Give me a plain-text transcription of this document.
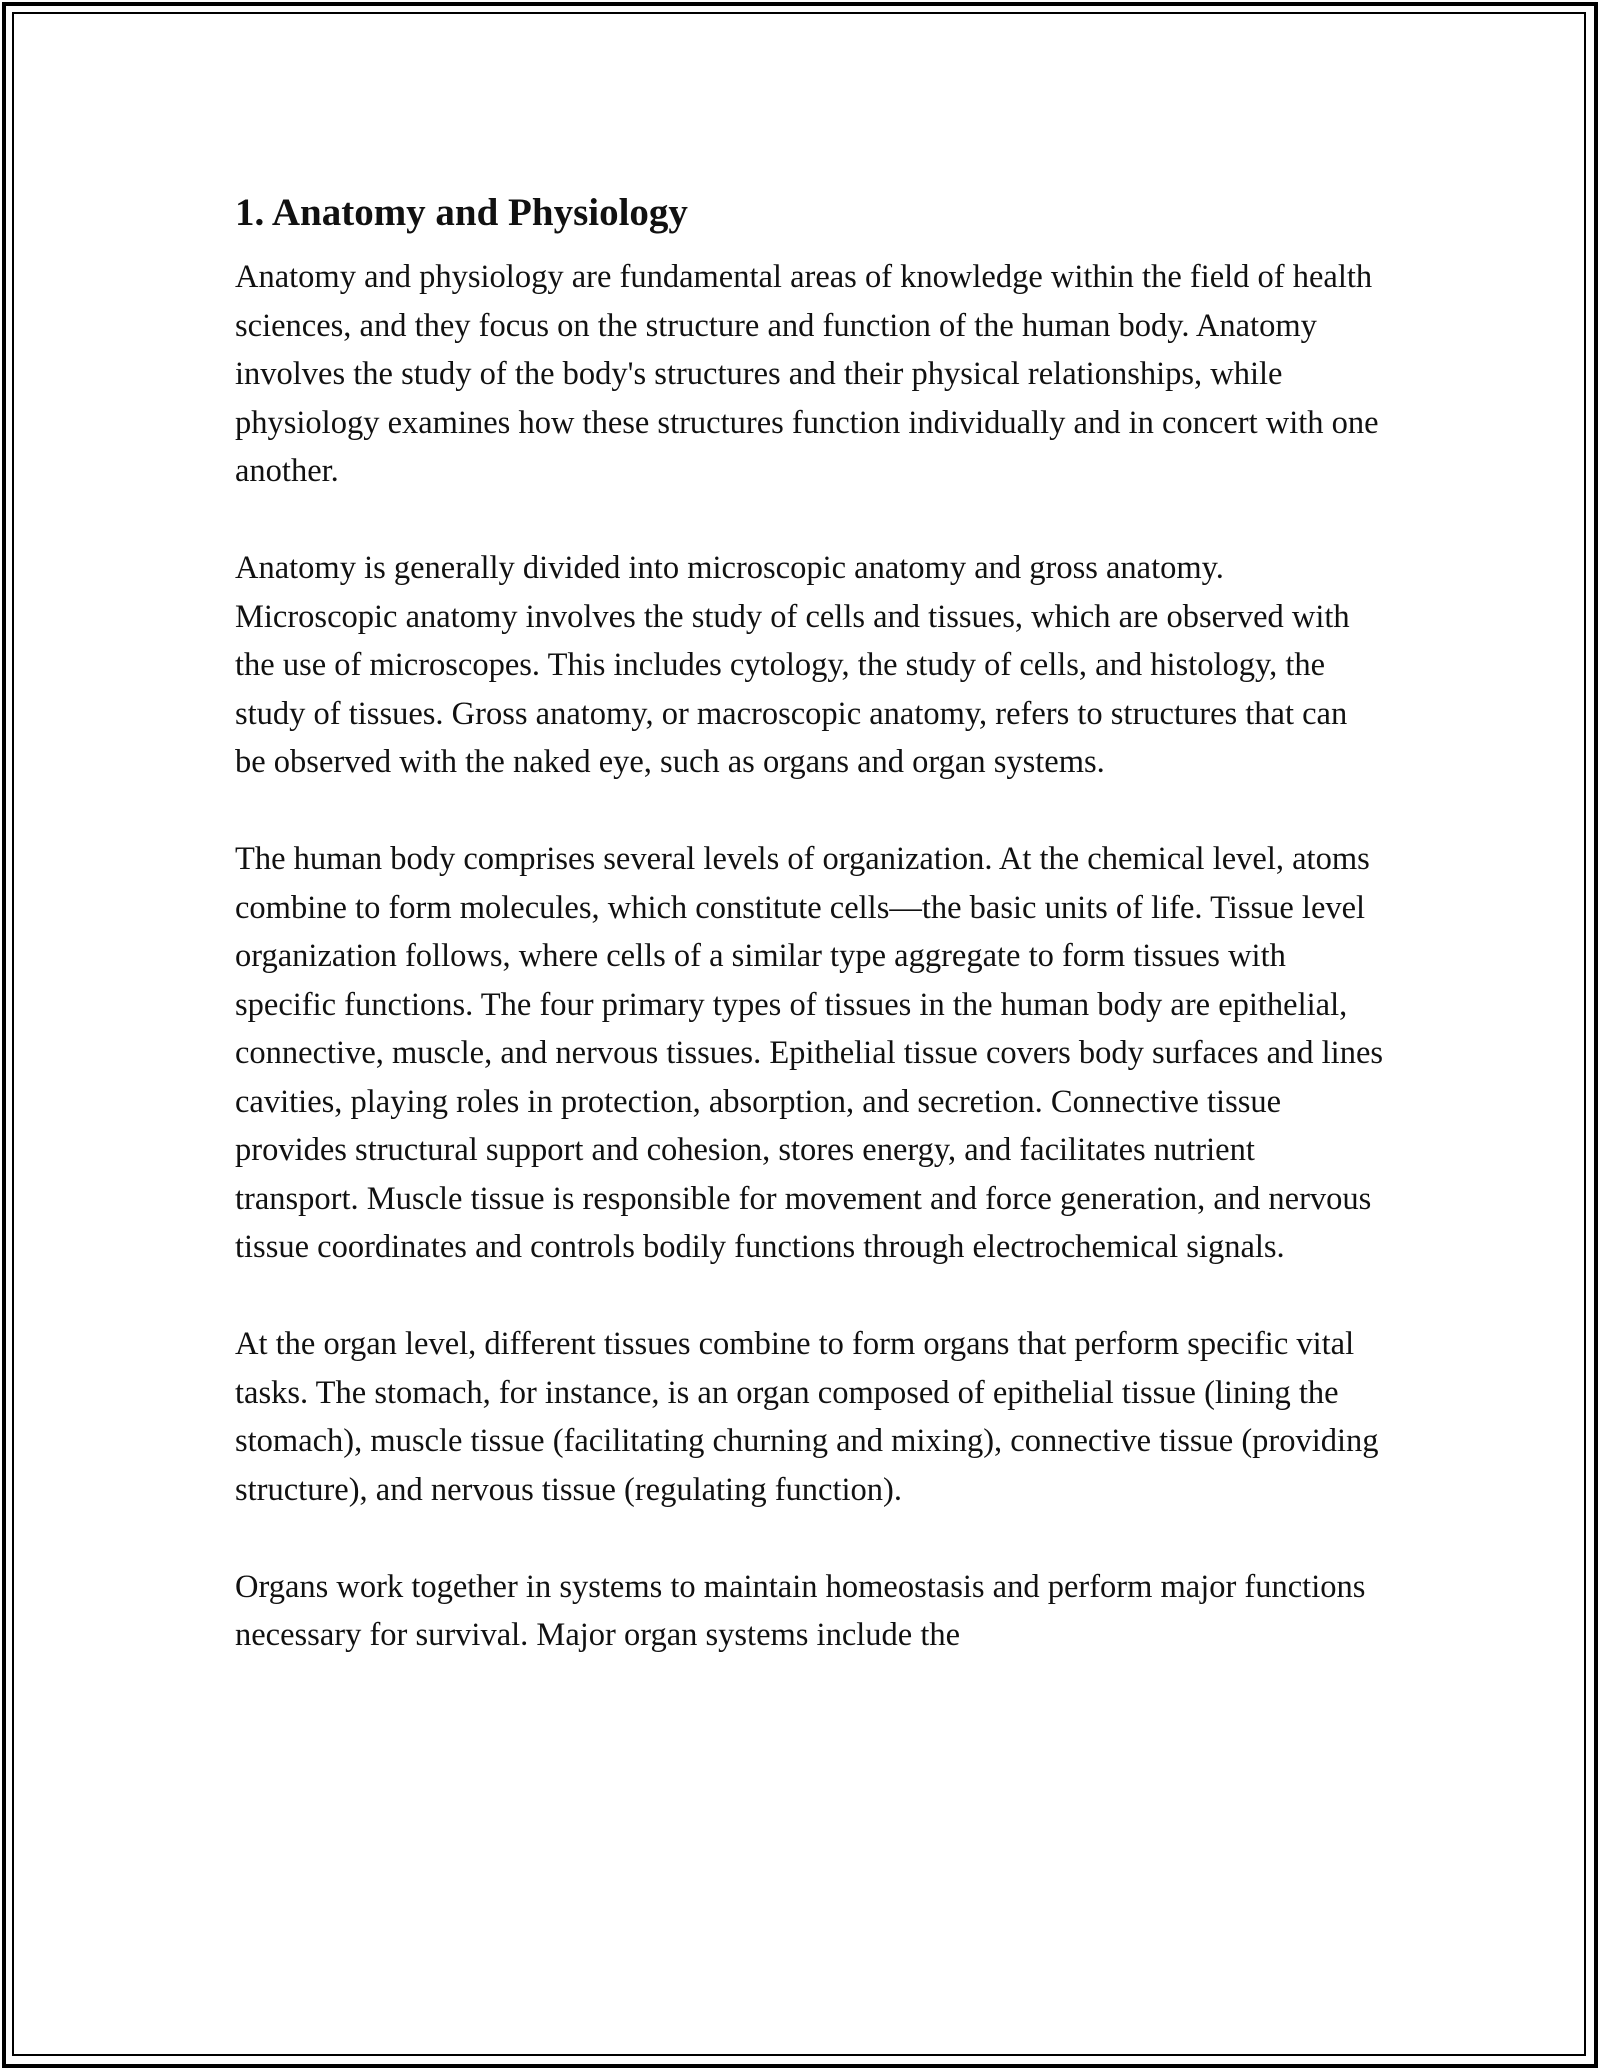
1. Anatomy and Physiology

Anatomy and physiology are fundamental areas of knowledge within the field of health sciences, and they focus on the structure and function of the human body. Anatomy involves the study of the body's structures and their physical relationships, while physiology examines how these structures function individually and in concert with one another.

Anatomy is generally divided into microscopic anatomy and gross anatomy. Microscopic anatomy involves the study of cells and tissues, which are observed with the use of microscopes. This includes cytology, the study of cells, and histology, the study of tissues. Gross anatomy, or macroscopic anatomy, refers to structures that can be observed with the naked eye, such as organs and organ systems.

The human body comprises several levels of organization. At the chemical level, atoms combine to form molecules, which constitute cells—the basic units of life. Tissue level organization follows, where cells of a similar type aggregate to form tissues with specific functions. The four primary types of tissues in the human body are epithelial, connective, muscle, and nervous tissues. Epithelial tissue covers body surfaces and lines cavities, playing roles in protection, absorption, and secretion. Connective tissue provides structural support and cohesion, stores energy, and facilitates nutrient transport. Muscle tissue is responsible for movement and force generation, and nervous tissue coordinates and controls bodily functions through electrochemical signals.

At the organ level, different tissues combine to form organs that perform specific vital tasks. The stomach, for instance, is an organ composed of epithelial tissue (lining the stomach), muscle tissue (facilitating churning and mixing), connective tissue (providing structure), and nervous tissue (regulating function).

Organs work together in systems to maintain homeostasis and perform major functions necessary for survival. Major organ systems include the
